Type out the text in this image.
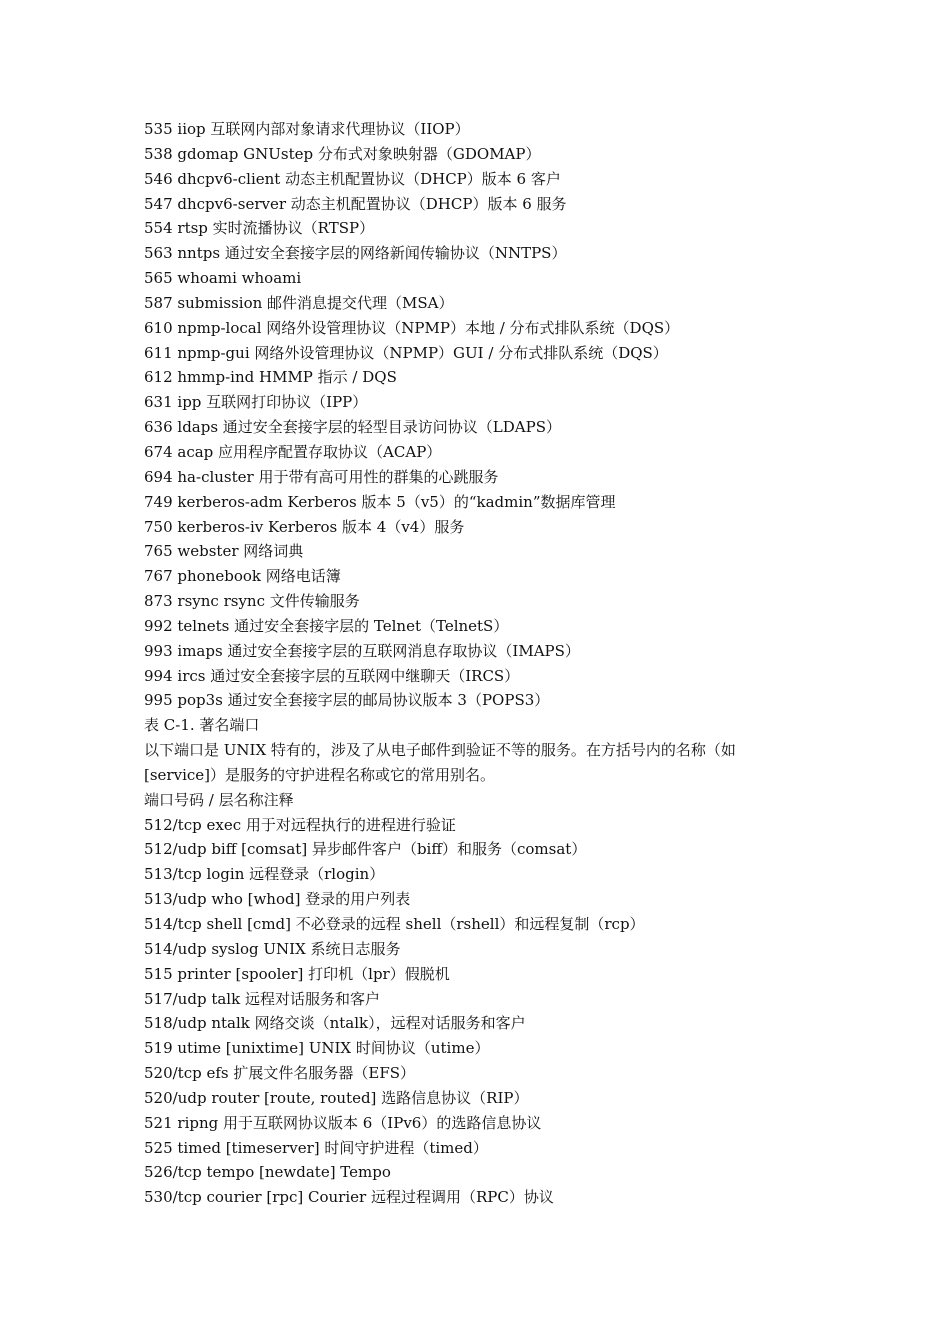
535 iiop 互联网内部对象请求代理协议（IIOP）
538 gdomap GNUstep 分布式对象映射器（GDOMAP）
546 dhcpv6-client 动态主机配置协议（DHCP）版本 6 客户
547 dhcpv6-server 动态主机配置协议（DHCP）版本 6 服务
554 rtsp 实时流播协议（RTSP）
563 nntps 通过安全套接字层的网络新闻传输协议（NNTPS）
565 whoami whoami
587 submission 邮件消息提交代理（MSA）
610 npmp-local 网络外设管理协议（NPMP）本地 / 分布式排队系统（DQS）
611 npmp-gui 网络外设管理协议（NPMP）GUI / 分布式排队系统（DQS）
612 hmmp-ind HMMP 指示 / DQS
631 ipp 互联网打印协议（IPP）
636 ldaps 通过安全套接字层的轻型目录访问协议（LDAPS）
674 acap 应用程序配置存取协议（ACAP）
694 ha-cluster 用于带有高可用性的群集的心跳服务
749 kerberos-adm Kerberos 版本 5（v5）的“kadmin”数据库管理
750 kerberos-iv Kerberos 版本 4（v4）服务
765 webster 网络词典
767 phonebook 网络电话簿
873 rsync rsync 文件传输服务
992 telnets 通过安全套接字层的 Telnet（TelnetS）
993 imaps 通过安全套接字层的互联网消息存取协议（IMAPS）
994 ircs 通过安全套接字层的互联网中继聊天（IRCS）
995 pop3s 通过安全套接字层的邮局协议版本 3（POPS3）
表 C-1. 著名端口
以下端口是 UNIX 特有的，涉及了从电子邮件到验证不等的服务。在方括号内的名称（如
[service]）是服务的守护进程名称或它的常用别名。
端口号码 / 层名称注释
512/tcp exec 用于对远程执行的进程进行验证
512/udp biff [comsat] 异步邮件客户（biff）和服务（comsat）
513/tcp login 远程登录（rlogin）
513/udp who [whod] 登录的用户列表
514/tcp shell [cmd] 不必登录的远程 shell（rshell）和远程复制（rcp）
514/udp syslog UNIX 系统日志服务
515 printer [spooler] 打印机（lpr）假脱机
517/udp talk 远程对话服务和客户
518/udp ntalk 网络交谈（ntalk），远程对话服务和客户
519 utime [unixtime] UNIX 时间协议（utime）
520/tcp efs 扩展文件名服务器（EFS）
520/udp router [route, routed] 选路信息协议（RIP）
521 ripng 用于互联网协议版本 6（IPv6）的选路信息协议
525 timed [timeserver] 时间守护进程（timed）
526/tcp tempo [newdate] Tempo
530/tcp courier [rpc] Courier 远程过程调用（RPC）协议
